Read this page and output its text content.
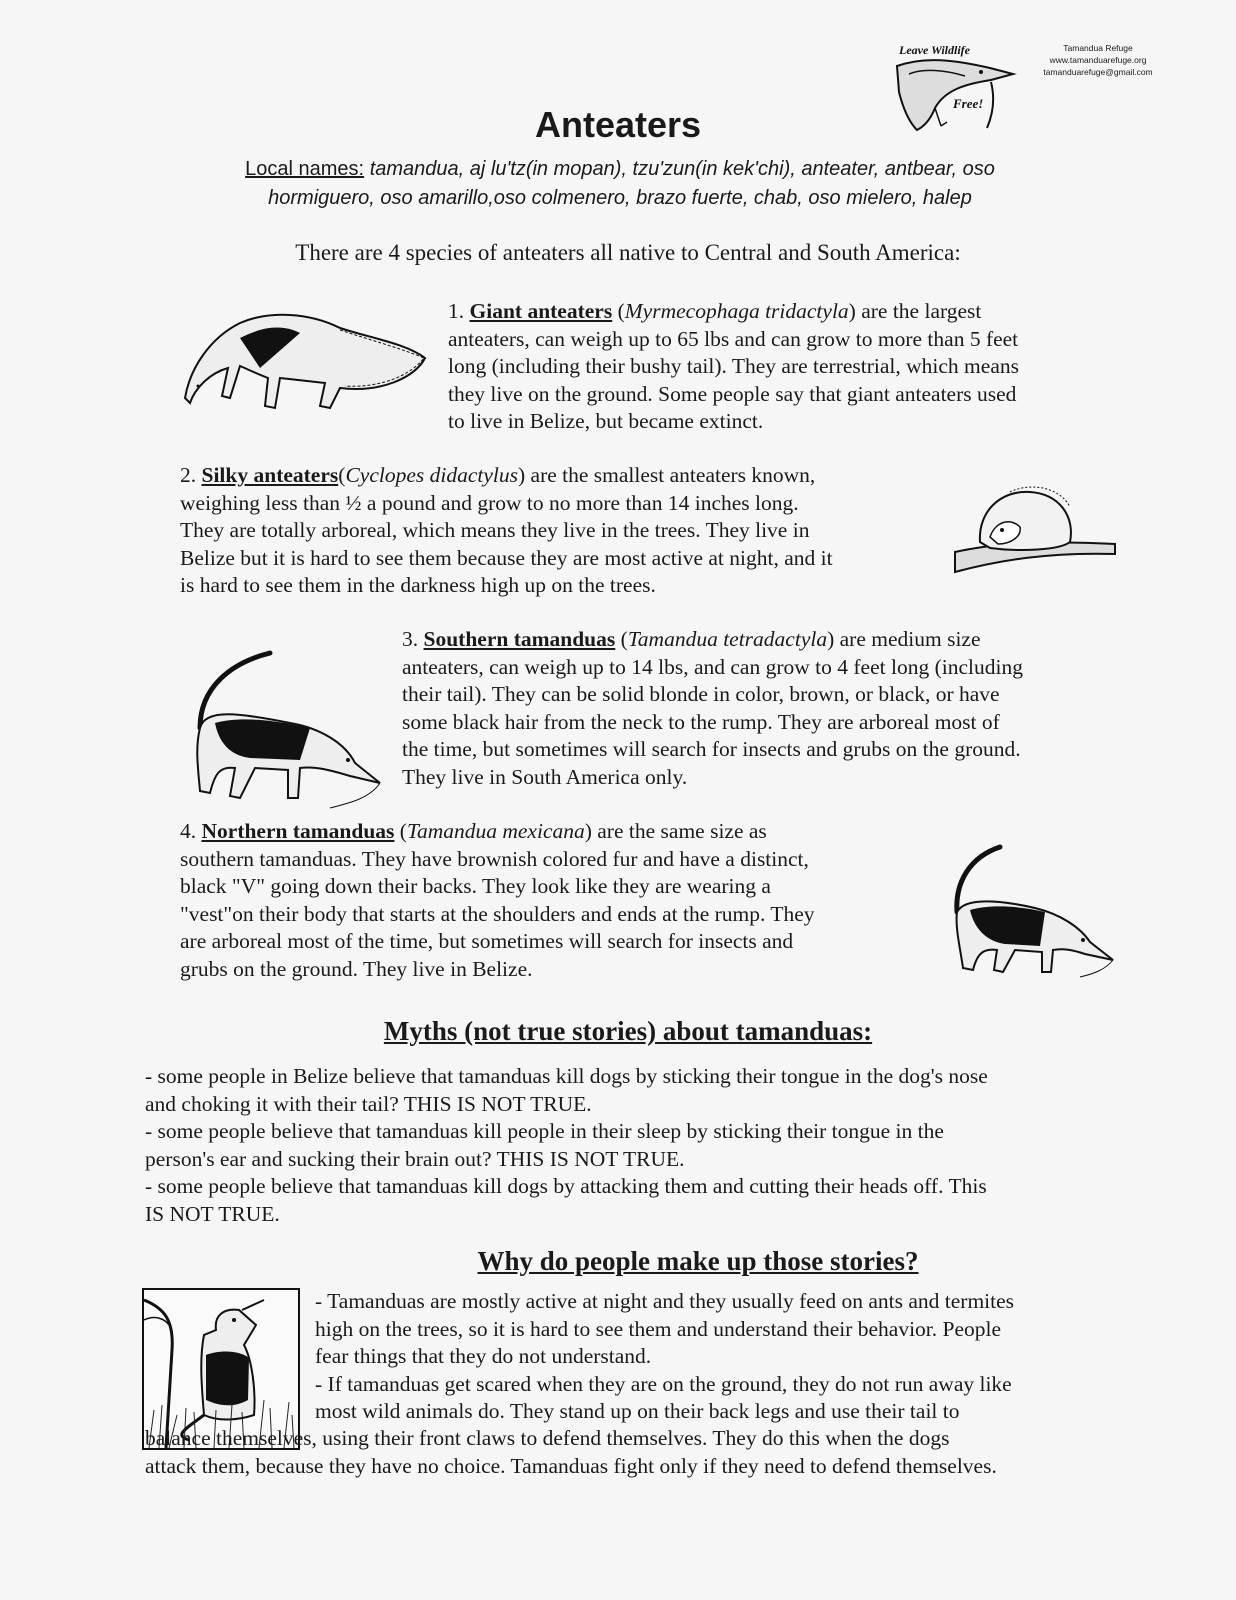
Leave Wildlife
Free!
Tamandua Refuge
www.tamanduarefuge.org
tamanduarefuge@gmail.com
Anteaters
Local names: tamandua, aj lu'tz(in mopan), tzu'zun(in kek'chi), anteater, antbear, oso
hormiguero, oso amarillo,oso colmenero, brazo fuerte, chab, oso mielero, halep
There are 4 species of anteaters all native to Central and South America:

1. Giant anteaters (Myrmecophaga tridactyla) are the largest

anteaters, can weigh up to 65 lbs and can grow to more than 5 feet

long (including their bushy tail). They are terrestrial, which means

they live on the ground. Some people say that giant anteaters used

to live in Belize, but became extinct.

2. Silky anteaters(Cyclopes didactylus) are the smallest anteaters known,

weighing less than ½ a pound and grow to no more than 14 inches long.

They are totally arboreal, which means they live in the trees. They live in

Belize but it is hard to see them because they are most active at night, and it

is hard to see them in the darkness high up on the trees.

3. Southern tamanduas (Tamandua tetradactyla) are medium size

anteaters, can weigh up to 14 lbs, and can grow to 4 feet long (including

their tail). They can be solid blonde in color, brown, or black, or have

some black hair from the neck to the rump. They are arboreal most of

the time, but sometimes will search for insects and grubs on the ground.

They live in South America only.

4. Northern tamanduas (Tamandua mexicana) are the same size as

southern tamanduas. They have brownish colored fur and have a distinct,

black "V" going down their backs. They look like they are wearing a

"vest"on their body that starts at the shoulders and ends at the rump. They

are arboreal most of the time, but sometimes will search for insects and

grubs on the ground. They live in Belize.

Myths (not true stories) about tamanduas:

- some people in Belize believe that tamanduas kill dogs by sticking their tongue in the dog's nose

and choking it with their tail? THIS IS NOT TRUE.

- some people believe that tamanduas kill people in their sleep by sticking their tongue in the

person's ear and sucking their brain out? THIS IS NOT TRUE.

- some people believe that tamanduas kill dogs by attacking them and cutting their heads off. This

IS NOT TRUE.

Why do people make up those stories?

- Tamanduas are mostly active at night and they usually feed on ants and termites

high on the trees, so it is hard to see them and understand their behavior. People

fear things that they do not understand.

- If tamanduas get scared when they are on the ground, they do not run away like

most wild animals do. They stand up on their back legs and use their tail to

balance themselves, using their front claws to defend themselves. They do this when the dogs

attack them, because they have no choice. Tamanduas fight only if they need to defend themselves.
